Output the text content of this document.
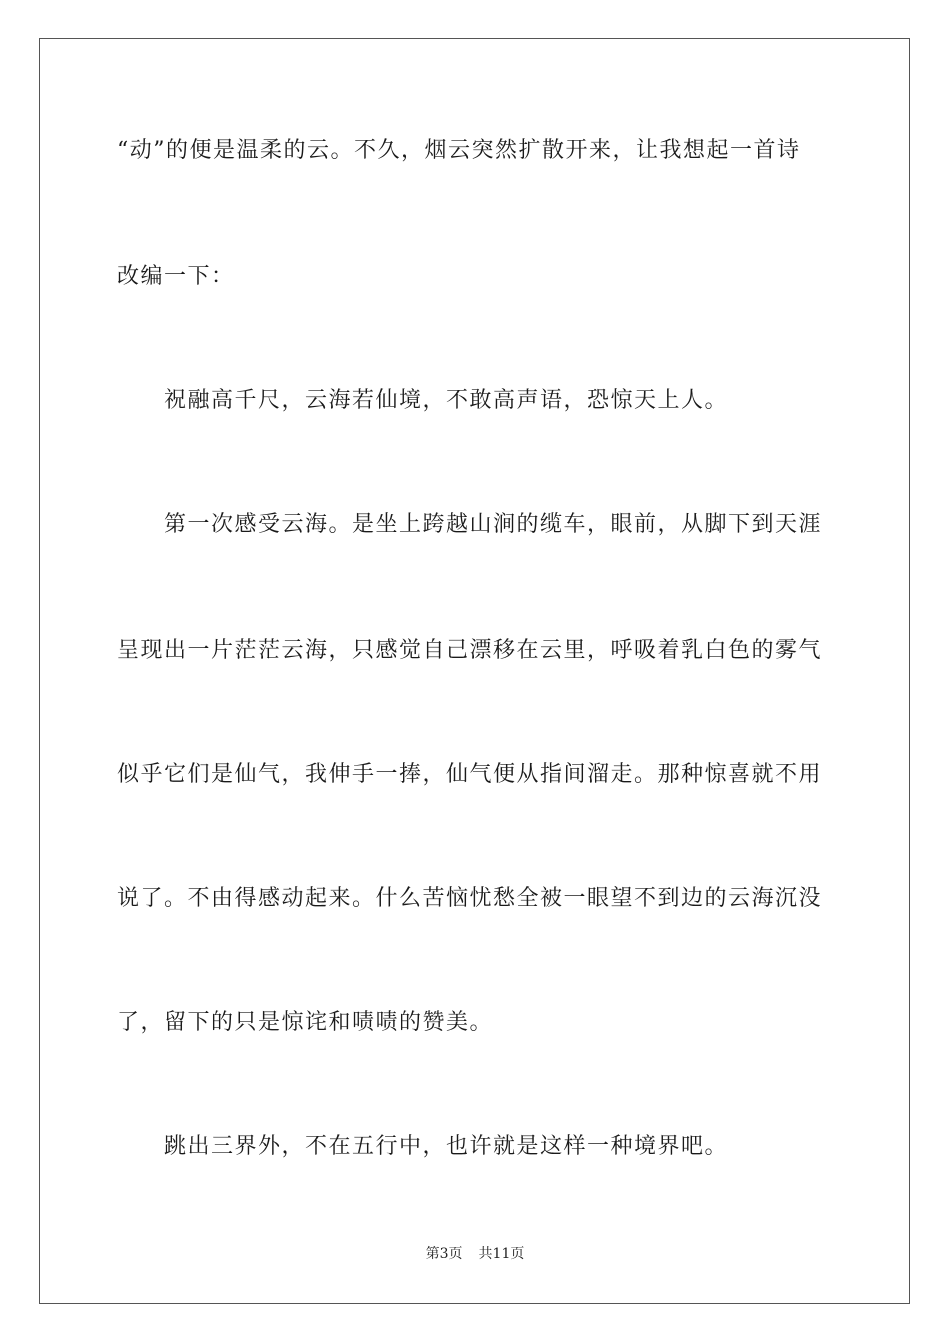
“动”的便是温柔的云。不久，烟云突然扩散开来，让我想起一首诗
改编一下：
祝融高千尺，云海若仙境，不敢高声语，恐惊天上人。
第一次感受云海。是坐上跨越山涧的缆车，眼前，从脚下到天涯
呈现出一片茫茫云海，只感觉自己漂移在云里，呼吸着乳白色的雾气
似乎它们是仙气，我伸手一捧，仙气便从指间溜走。那种惊喜就不用
说了。不由得感动起来。什么苦恼忧愁全被一眼望不到边的云海沉没
了，留下的只是惊诧和啧啧的赞美。
跳出三界外，不在五行中，也许就是这样一种境界吧。
第3页 共11页
